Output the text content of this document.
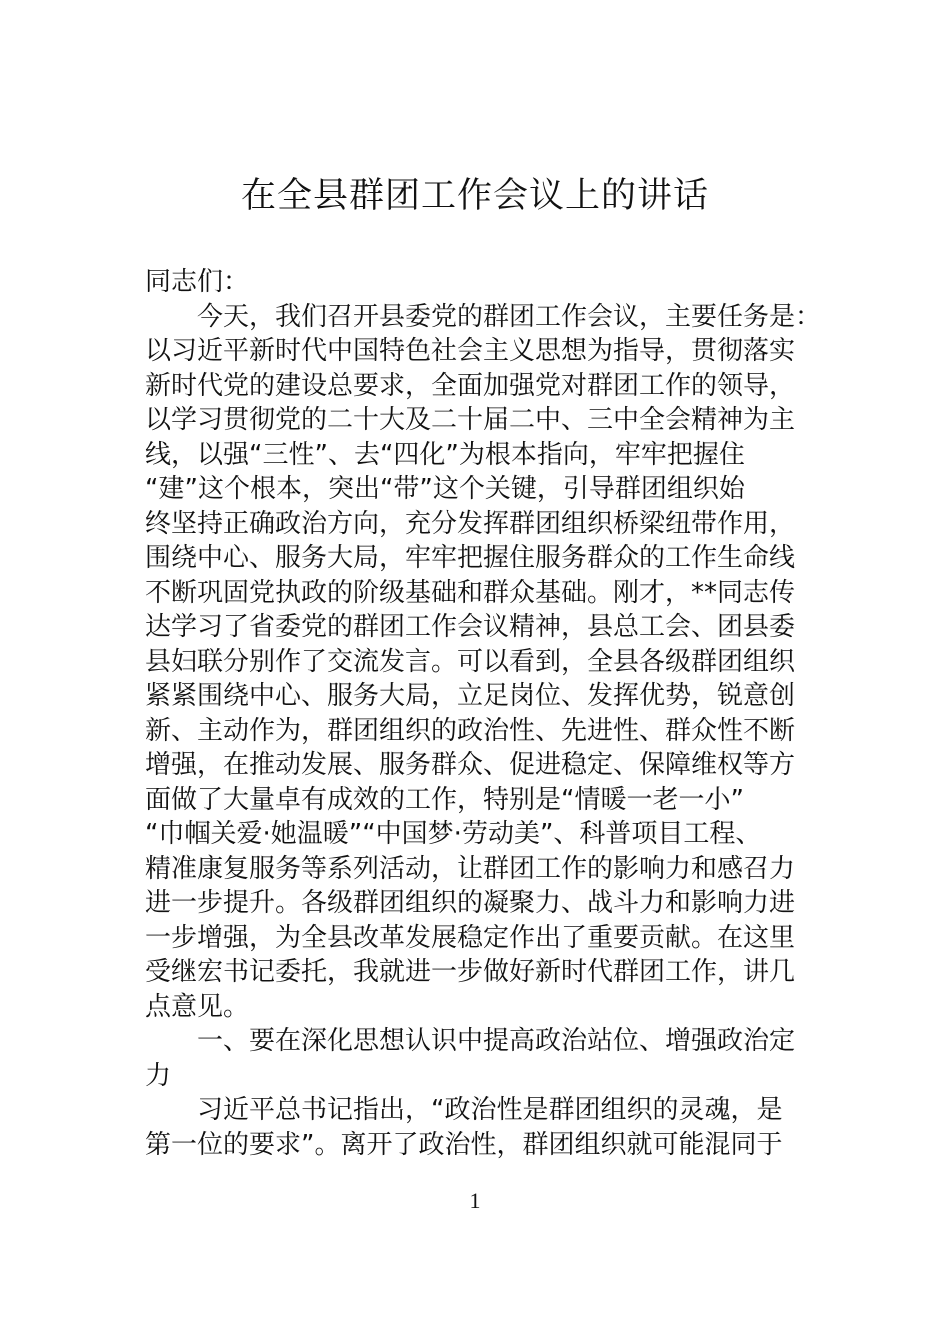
在全县群团工作会议上的讲话
同志们：
今天，我们召开县委党的群团工作会议，主要任务是：
以习近平新时代中国特色社会主义思想为指导，贯彻落实
新时代党的建设总要求，全面加强党对群团工作的领导，
以学习贯彻党的二十大及二十届二中、三中全会精神为主
线，以强“三性”、去“四化”为根本指向，牢牢把握住
“建”这个根本，突出“带”这个关键，引导群团组织始
终坚持正确政治方向，充分发挥群团组织桥梁纽带作用，
围绕中心、服务大局，牢牢把握住服务群众的工作生命线
不断巩固党执政的阶级基础和群众基础。刚才，**同志传
达学习了省委党的群团工作会议精神，县总工会、团县委
县妇联分别作了交流发言。可以看到，全县各级群团组织
紧紧围绕中心、服务大局，立足岗位、发挥优势，锐意创
新、主动作为，群团组织的政治性、先进性、群众性不断
增强，在推动发展、服务群众、促进稳定、保障维权等方
面做了大量卓有成效的工作，特别是“情暖一老一小”
“巾帼关爱·她温暖”“中国梦·劳动美”、科普项目工程、
精准康复服务等系列活动，让群团工作的影响力和感召力
进一步提升。各级群团组织的凝聚力、战斗力和影响力进
一步增强，为全县改革发展稳定作出了重要贡献。在这里
受继宏书记委托，我就进一步做好新时代群团工作，讲几
点意见。
一、要在深化思想认识中提高政治站位、增强政治定
力
习近平总书记指出，“政治性是群团组织的灵魂，是
第一位的要求”。离开了政治性，群团组织就可能混同于
1
